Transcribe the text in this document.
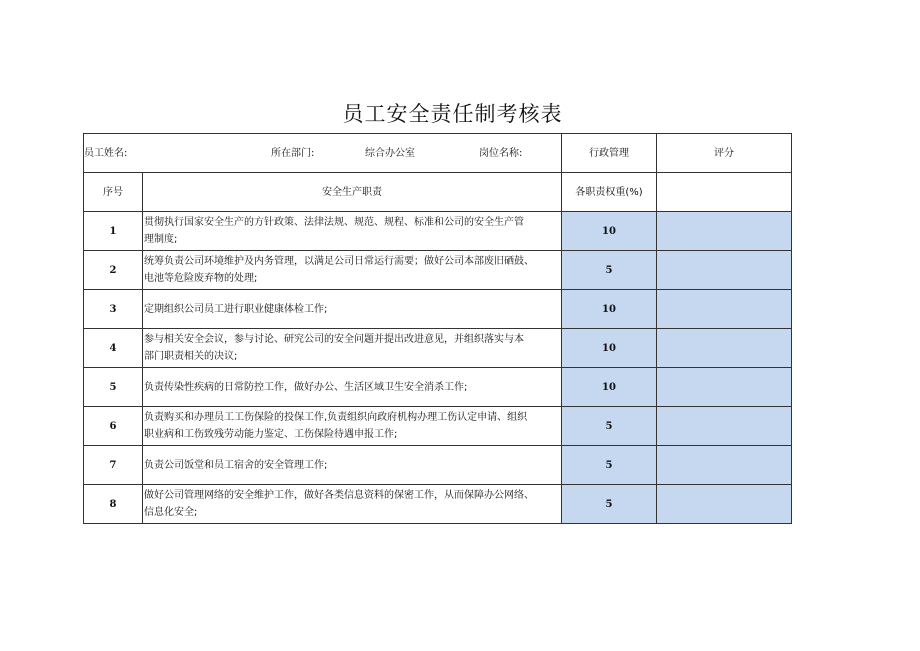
员工安全责任制考核表
员工姓名: 所在部门: 综合办公室 岗位名称:		行政管理	评分
序号	安全生产职责	各职责权重(%)	
1	贯彻执行国家安全生产的方针政策、法律法规、规范、规程、标准和公司的安全生产管
理制度;	10	
2	统筹负责公司环境维护及内务管理，以满足公司日常运行需要；做好公司本部废旧硒鼓、
电池等危险废弃物的处理;	5	
3	定期组织公司员工进行职业健康体检工作;	10	
4	参与相关安全会议，参与讨论、研究公司的安全问题并提出改进意见，并组织落实与本
部门职责相关的决议;	10	
5	负责传染性疾病的日常防控工作，做好办公、生活区域卫生安全消杀工作;	10	
6	负责购买和办理员工工伤保险的投保工作,负责组织向政府机构办理工伤认定申请、组织
职业病和工伤致残劳动能力鉴定、工伤保险待遇申报工作;	5	
7	负责公司饭堂和员工宿舍的安全管理工作;	5	
8	做好公司管理网络的安全维护工作，做好各类信息资料的保密工作，从而保障办公网络、
信息化安全;	5	
